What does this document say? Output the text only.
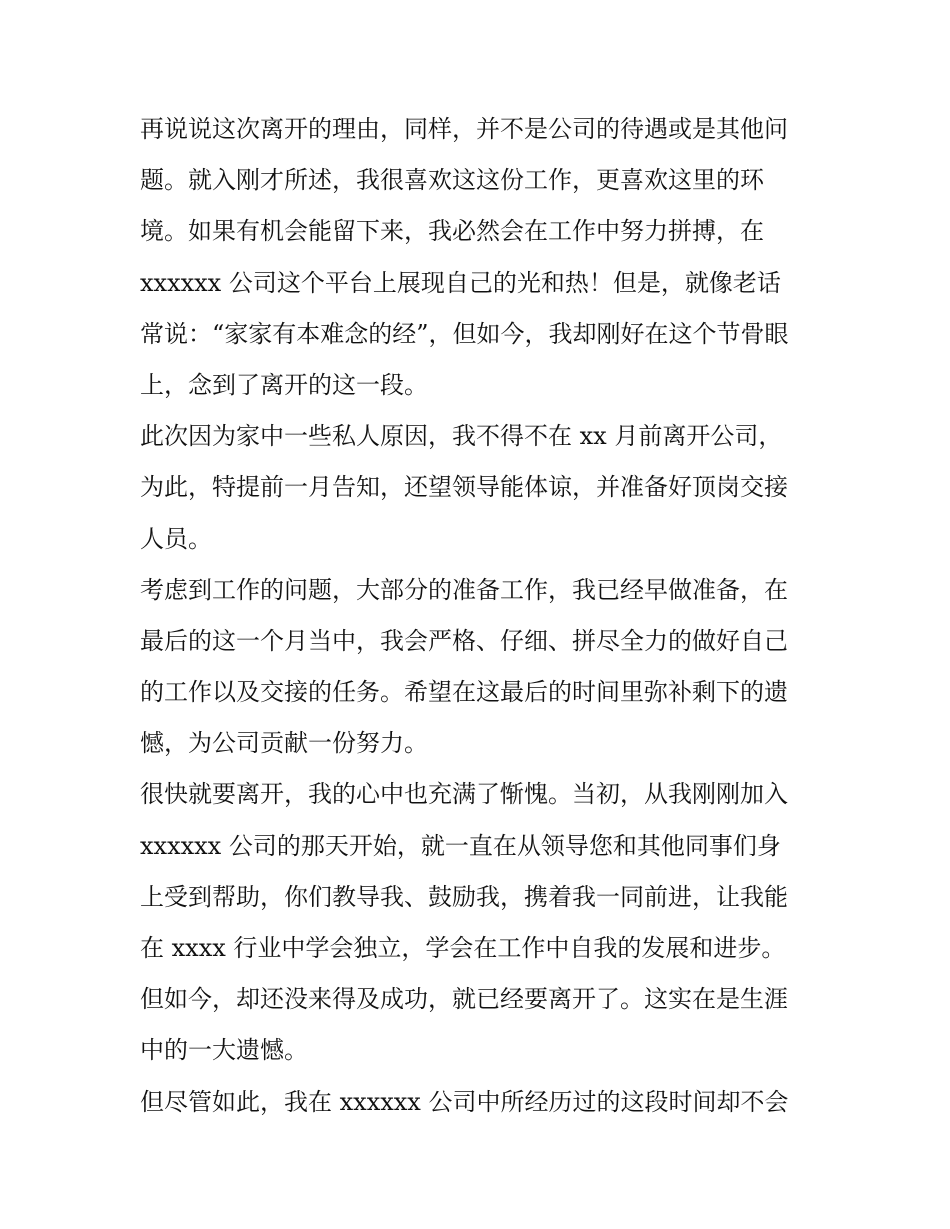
再说说这次离开的理由，同样，并不是公司的待遇或是其他问
题。就入刚才所述，我很喜欢这这份工作，更喜欢这里的环
境。如果有机会能留下来，我必然会在工作中努力拼搏，在
xxxxxx 公司这个平台上展现自己的光和热！但是，就像老话
常说：“家家有本难念的经”，但如今，我却刚好在这个节骨眼
上，念到了离开的这一段。
此次因为家中一些私人原因，我不得不在 xx 月前离开公司，
为此，特提前一月告知，还望领导能体谅，并准备好顶岗交接
人员。
考虑到工作的问题，大部分的准备工作，我已经早做准备，在
最后的这一个月当中，我会严格、仔细、拼尽全力的做好自己
的工作以及交接的任务。希望在这最后的时间里弥补剩下的遗
憾，为公司贡献一份努力。
很快就要离开，我的心中也充满了惭愧。当初，从我刚刚加入
xxxxxx 公司的那天开始，就一直在从领导您和其他同事们身
上受到帮助，你们教导我、鼓励我，携着我一同前进，让我能
在 xxxx 行业中学会独立，学会在工作中自我的发展和进步。
但如今，却还没来得及成功，就已经要离开了。这实在是生涯
中的一大遗憾。
但尽管如此，我在 xxxxxx 公司中所经历过的这段时间却不会
